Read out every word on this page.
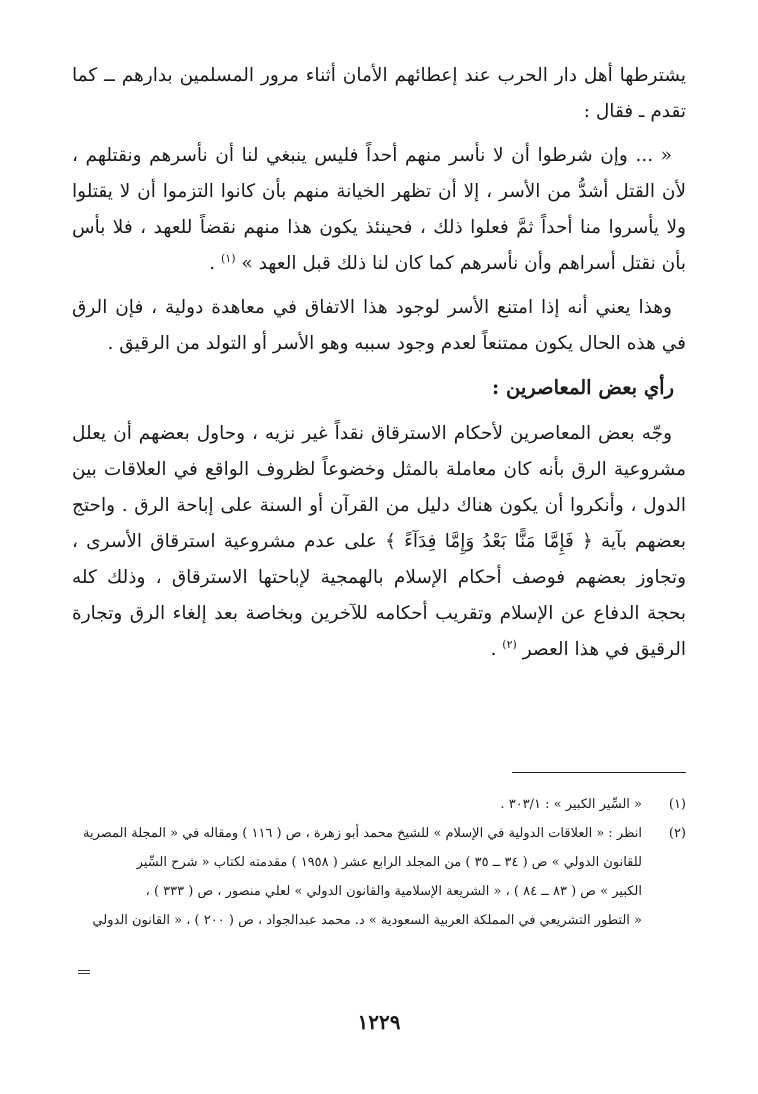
يشترطها أهل دار الحرب عند إعطائهم الأمان أثناء مرور المسلمين بدارهم ــ كما تقدم ـ فقال :

« ... وإن شرطوا أن لا نأسر منهم أحداً فليس ينبغي لنا أن نأسرهم ونقتلهم ، لأن القتل أشدُّ من الأسر ، إلا أن تظهر الخيانة منهم بأن كانوا التزموا أن لا يقتلوا ولا يأسروا منا أحداً ثمَّ فعلوا ذلك ، فحينئذ يكون هذا منهم نقضاً للعهد ، فلا بأس بأن نقتل أسراهم وأن نأسرهم كما كان لنا ذلك قبل العهد » $^{(١)}$ .

وهذا يعني أنه إذا امتنع الأسر لوجود هذا الاتفاق في معاهدة دولية ، فإن الرق في هذه الحال يكون ممتنعاً لعدم وجود سببه وهو الأسر أو التولد من الرقيق .

رأي بعض المعاصرين :

وجّه بعض المعاصرين لأحكام الاسترقاق نقداً غير نزيه ، وحاول بعضهم أن يعلل مشروعية الرق بأنه كان معاملة بالمثل وخضوعاً لظروف الواقع في العلاقات بين الدول ، وأنكروا أن يكون هناك دليل من القرآن أو السنة على إباحة الرق . واحتج بعضهم بآية ﴿ فَإِمَّا مَنًّا بَعْدُ وَإِمَّا فِدَآءً ﴾ على عدم مشروعية استرقاق الأسرى ، وتجاوز بعضهم فوصف أحكام الإسلام بالهمجية لإباحتها الاسترقاق ، وذلك كله بحجة الدفاع عن الإسلام وتقريب أحكامه للآخرين وبخاصة بعد إلغاء الرق وتجارة الرقيق في هذا العصر $^{(٢)}$ .

(١)
« السِّير الكبير » : ٣٠٣/١ .
(٢)
انظر : « العلاقات الدولية في الإسلام » للشيخ محمد أبو زهرة ، ص ( ١١٦ ) ومقاله في « المجلة المصرية
للقانون الدولي » ص ( ٣٤ ــ ٣٥ ) من المجلد الرابع عشر ( ١٩٥٨ ) مقدمته لكتاب « شرح السِّير
الكبير » ص ( ٨٣ ــ ٨٤ ) ، « الشريعة الإسلامية والقانون الدولي » لعلي منصور ، ص ( ٣٣٣ ) ،
« التطور التشريعي في المملكة العربية السعودية » د. محمد عبدالجواد ، ص ( ٢٠٠ ) ، « القانون الدولي
١٢٢٩
